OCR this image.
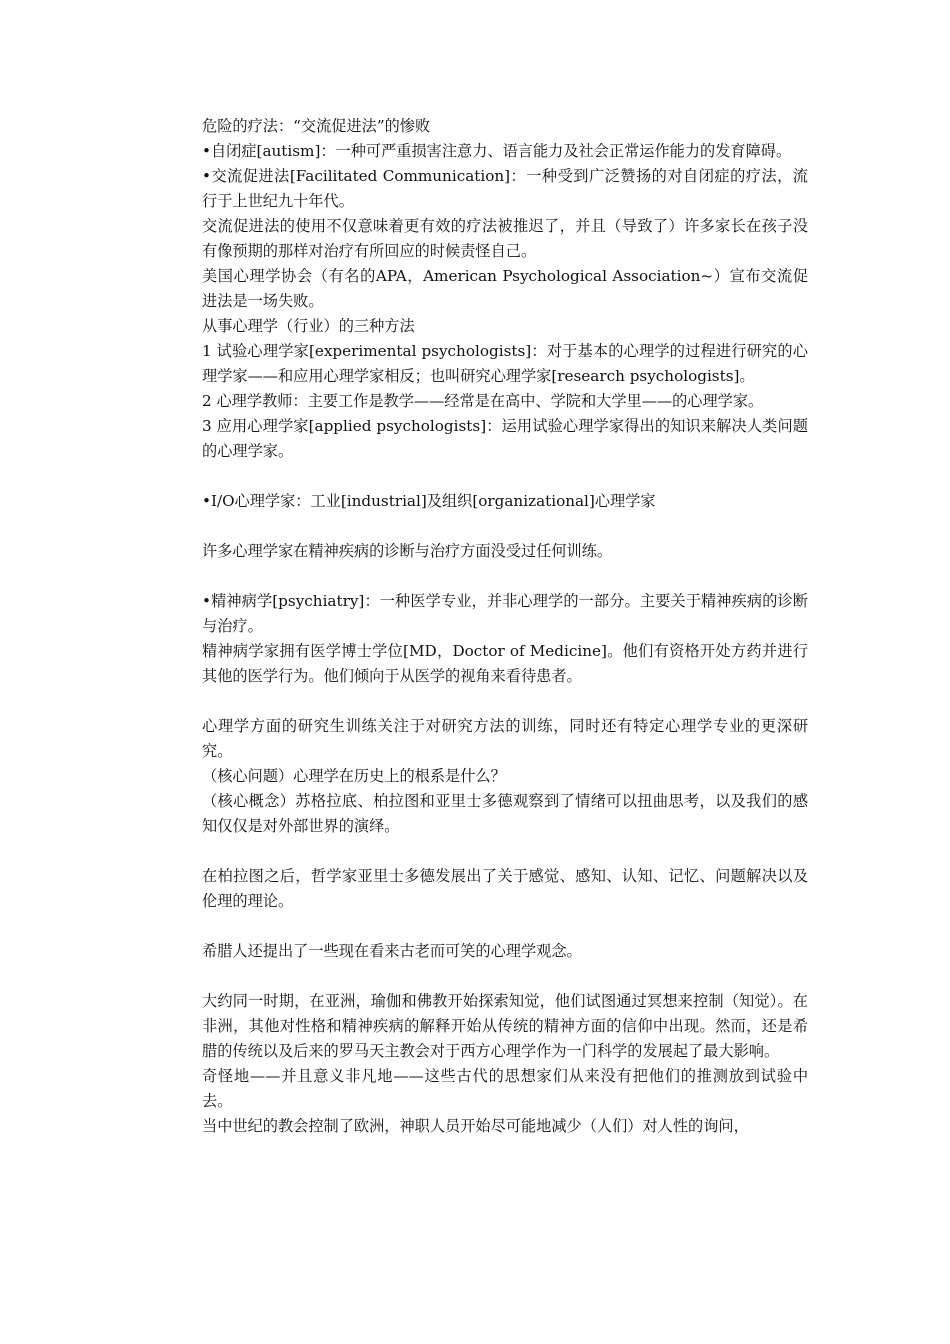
危险的疗法：“交流促进法”的惨败

•自闭症[autism]：一种可严重损害注意力、语言能力及社会正常运作能力的发育障碍。

•交流促进法[Facilitated Communication]：一种受到广泛赞扬的对自闭症的疗法，流行于上世纪九十年代。

交流促进法的使用不仅意味着更有效的疗法被推迟了，并且（导致了）许多家长在孩子没有像预期的那样对治疗有所回应的时候责怪自己。

美国心理学协会（有名的APA，American Psychological Association~）宣布交流促进法是一场失败。

从事心理学（行业）的三种方法

1 试验心理学家[experimental psychologists]：对于基本的心理学的过程进行研究的心理学家——和应用心理学家相反；也叫研究心理学家[research psychologists]。

2 心理学教师：主要工作是教学——经常是在高中、学院和大学里——的心理学家。

3 应用心理学家[applied psychologists]：运用试验心理学家得出的知识来解决人类问题的心理学家。

•I/O心理学家：工业[industrial]及组织[organizational]心理学家

许多心理学家在精神疾病的诊断与治疗方面没受过任何训练。

•精神病学[psychiatry]：一种医学专业，并非心理学的一部分。主要关于精神疾病的诊断与治疗。

精神病学家拥有医学博士学位[MD，Doctor of Medicine]。他们有资格开处方药并进行其他的医学行为。他们倾向于从医学的视角来看待患者。

心理学方面的研究生训练关注于对研究方法的训练，同时还有特定心理学专业的更深研究。

（核心问题）心理学在历史上的根系是什么？

（核心概念）苏格拉底、柏拉图和亚里士多德观察到了情绪可以扭曲思考，以及我们的感知仅仅是对外部世界的演绎。

在柏拉图之后，哲学家亚里士多德发展出了关于感觉、感知、认知、记忆、问题解决以及伦理的理论。

希腊人还提出了一些现在看来古老而可笑的心理学观念。

大约同一时期，在亚洲，瑜伽和佛教开始探索知觉，他们试图通过冥想来控制（知觉）。在非洲，其他对性格和精神疾病的解释开始从传统的精神方面的信仰中出现。然而，还是希腊的传统以及后来的罗马天主教会对于西方心理学作为一门科学的发展起了最大影响。

奇怪地——并且意义非凡地——这些古代的思想家们从来没有把他们的推测放到试验中去。

当中世纪的教会控制了欧洲，神职人员开始尽可能地减少（人们）对人性的询问，
